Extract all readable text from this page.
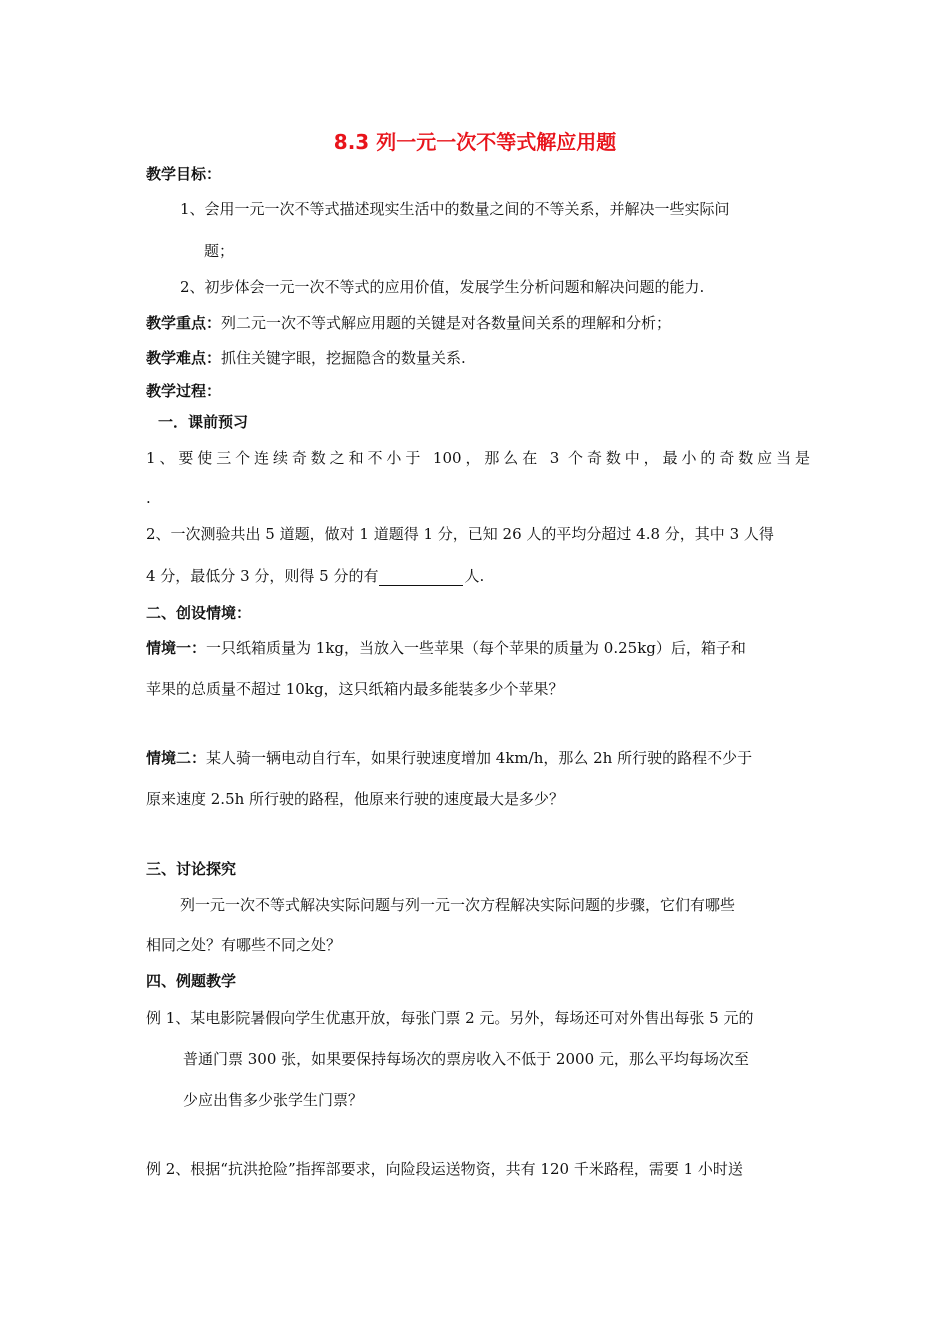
8.3 列一元一次不等式解应用题
教学目标：
1、会用一元一次不等式描述现实生活中的数量之间的不等关系，并解决一些实际问
题；
2、初步体会一元一次不等式的应用价值，发展学生分析问题和解决问题的能力.
教学重点：列二元一次不等式解应用题的关键是对各数量间关系的理解和分析；
教学难点：抓住关键字眼，挖掘隐含的数量关系.
教学过程：
一．课前预习
1、要使三个连续奇数之和不小于 100，那么在 3 个奇数中，最小的奇数应当是
.
2、一次测验共出 5 道题，做对 1 道题得 1 分，已知 26 人的平均分超过 4.8 分，其中 3 人得
4 分，最低分 3 分，则得 5 分的有	人.
二、创设情境：
情境一：一只纸箱质量为 1kg，当放入一些苹果（每个苹果的质量为 0.25kg）后，箱子和
苹果的总质量不超过 10kg，这只纸箱内最多能装多少个苹果？
情境二：某人骑一辆电动自行车，如果行驶速度增加 4km/h，那么 2h 所行驶的路程不少于
原来速度 2.5h 所行驶的路程，他原来行驶的速度最大是多少？
三、讨论探究
列一元一次不等式解决实际问题与列一元一次方程解决实际问题的步骤，它们有哪些
相同之处？有哪些不同之处？
四、例题教学
例 1、某电影院暑假向学生优惠开放，每张门票 2 元。另外，每场还可对外售出每张 5 元的
普通门票 300 张，如果要保持每场次的票房收入不低于 2000 元，那么平均每场次至
少应出售多少张学生门票？
例 2、根据“抗洪抢险”指挥部要求，向险段运送物资，共有 120 千米路程，需要 1 小时送
